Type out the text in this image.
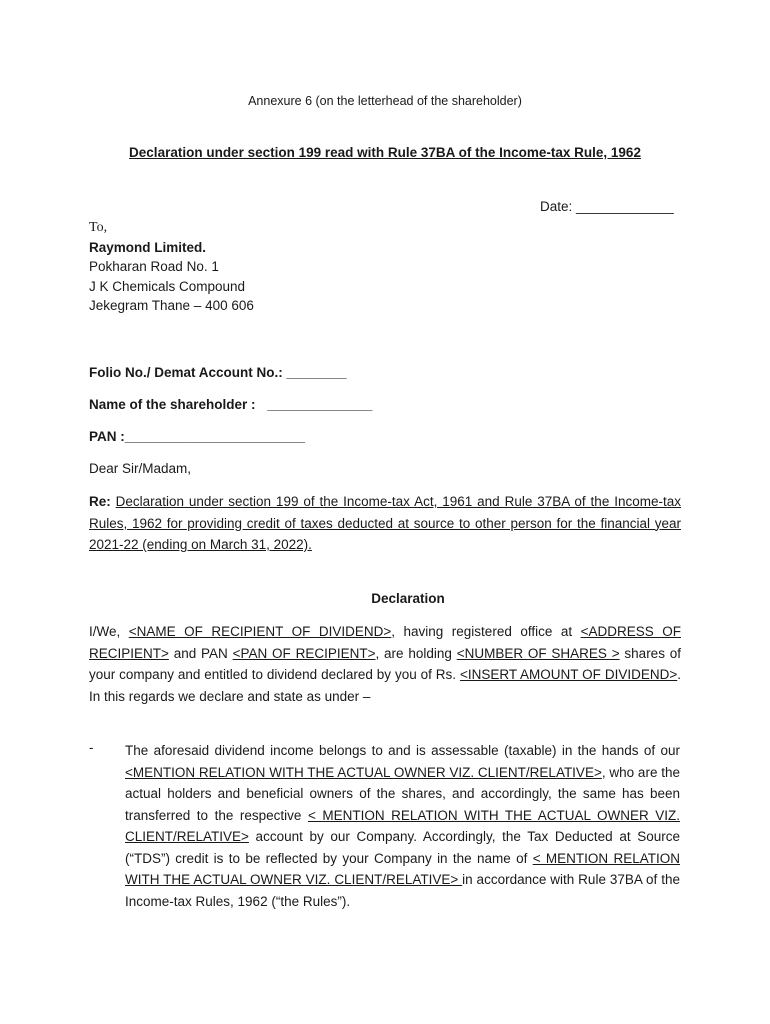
Annexure 6 (on the letterhead of the shareholder)
Declaration under section 199 read with Rule 37BA of the Income-tax Rule, 1962
Date: _____________
To,
Raymond Limited.
Pokharan Road No. 1
J K Chemicals Compound
Jekegram Thane – 400 606
Folio No./ Demat Account No.: ________
Name of the shareholder : ______________
PAN :________________________
Dear Sir/Madam,
Re: Declaration under section 199 of the Income-tax Act, 1961 and Rule 37BA of the Income-tax Rules, 1962 for providing credit of taxes deducted at source to other person for the financial year 2021-22 (ending on March 31, 2022).
Declaration
I/We, <NAME OF RECIPIENT OF DIVIDEND>, having registered office at <ADDRESS OF RECIPIENT> and PAN <PAN OF RECIPIENT>, are holding <NUMBER OF SHARES > shares of your company and entitled to dividend declared by you of Rs. <INSERT AMOUNT OF DIVIDEND>. In this regards we declare and state as under –
- The aforesaid dividend income belongs to and is assessable (taxable) in the hands of our <MENTION RELATION WITH THE ACTUAL OWNER VIZ. CLIENT/RELATIVE>, who are the actual holders and beneficial owners of the shares, and accordingly, the same has been transferred to the respective < MENTION RELATION WITH THE ACTUAL OWNER VIZ. CLIENT/RELATIVE> account by our Company. Accordingly, the Tax Deducted at Source (“TDS”) credit is to be reflected by your Company in the name of < MENTION RELATION WITH THE ACTUAL OWNER VIZ. CLIENT/RELATIVE> in accordance with Rule 37BA of the Income-tax Rules, 1962 (“the Rules”).
